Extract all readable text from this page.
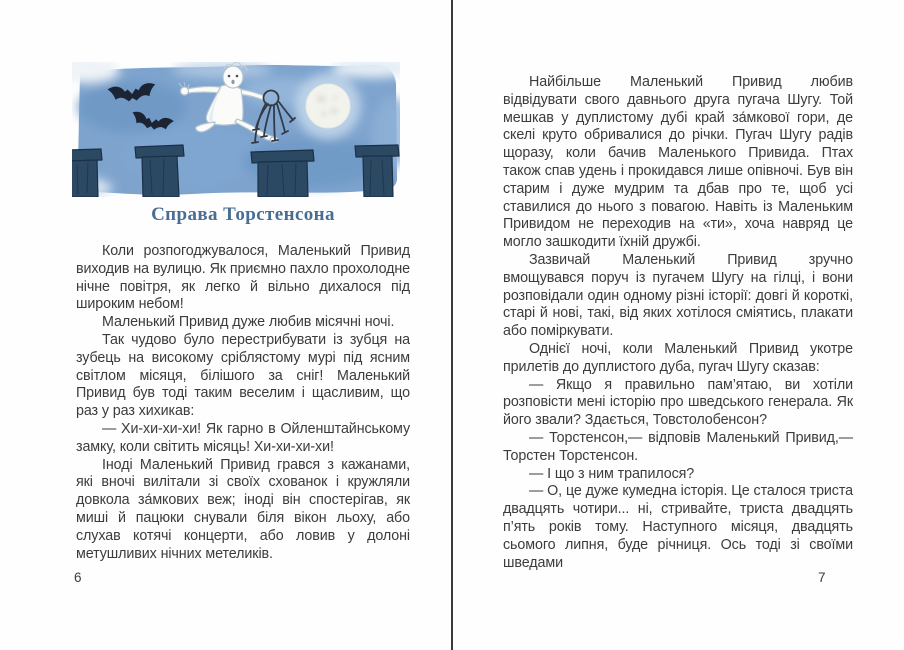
Справа Торстенсона

Коли розпогоджувалося, Маленький Привид виходив на вулицю. Як приємно пахло прохолодне нічне повітря, як легко й вільно дихалося під широким небом!

Маленький Привид дуже любив місячні ночі.

Так чудово було перестрибувати із зубця на зубець на високому сріблястому мурі під ясним світлом місяця, білішого за сніг! Маленький Привид був тоді таким веселим і щасливим, що раз у раз хихикав:

— Хи-хи-хи-хи! Як гарно в Ойленштайнському замку, коли світить місяць! Хи-хи-хи-хи!

Іноді Маленький Привид грався з кажанами, які вночі вилітали зі своїх схованок і кружляли довкола за́мкових веж; іноді він спостерігав, як миші й пацюки снували біля вікон льоху, або слухав котячі концерти, або ловив у долоні метушливих нічних метеликів.

6

Найбільше Маленький Привид любив відвідувати свого давнього друга пугача Шугу. Той мешкав у дуплистому дубі край за́мкової гори, де скелі круто обривалися до річки. Пугач Шугу радів щоразу, коли бачив Маленького Привида. Птах також спав удень і прокидався лише опівночі. Був він старим і дуже мудрим та дбав про те, щоб усі ставилися до нього з повагою. Навіть із Маленьким Привидом не переходив на «ти», хоча навряд це могло зашкодити їхній дружбі.

Зазвичай Маленький Привид зручно вмощувався поруч із пугачем Шугу на гілці, і вони розповідали один одному різні історії: довгі й короткі, старі й нові, такі, від яких хотілося сміятись, плакати або поміркувати.

Однієї ночі, коли Маленький Привид укотре прилетів до дуплистого дуба, пугач Шугу сказав:

— Якщо я правильно пам’ятаю, ви хотіли розповісти мені історію про шведського генерала. Як його звали? Здається, Товстолобенсон?

— Торстенсон,— відповів Маленький Привид,— Торстен Торстенсон.

— І що з ним трапилося?

— О, це дуже кумедна історія. Це сталося триста двадцять чотири... ні, стривайте, триста двадцять п’ять років тому. Наступного місяця, двадцять сьомого липня, буде річниця. Ось тоді зі своїми шведами

7
